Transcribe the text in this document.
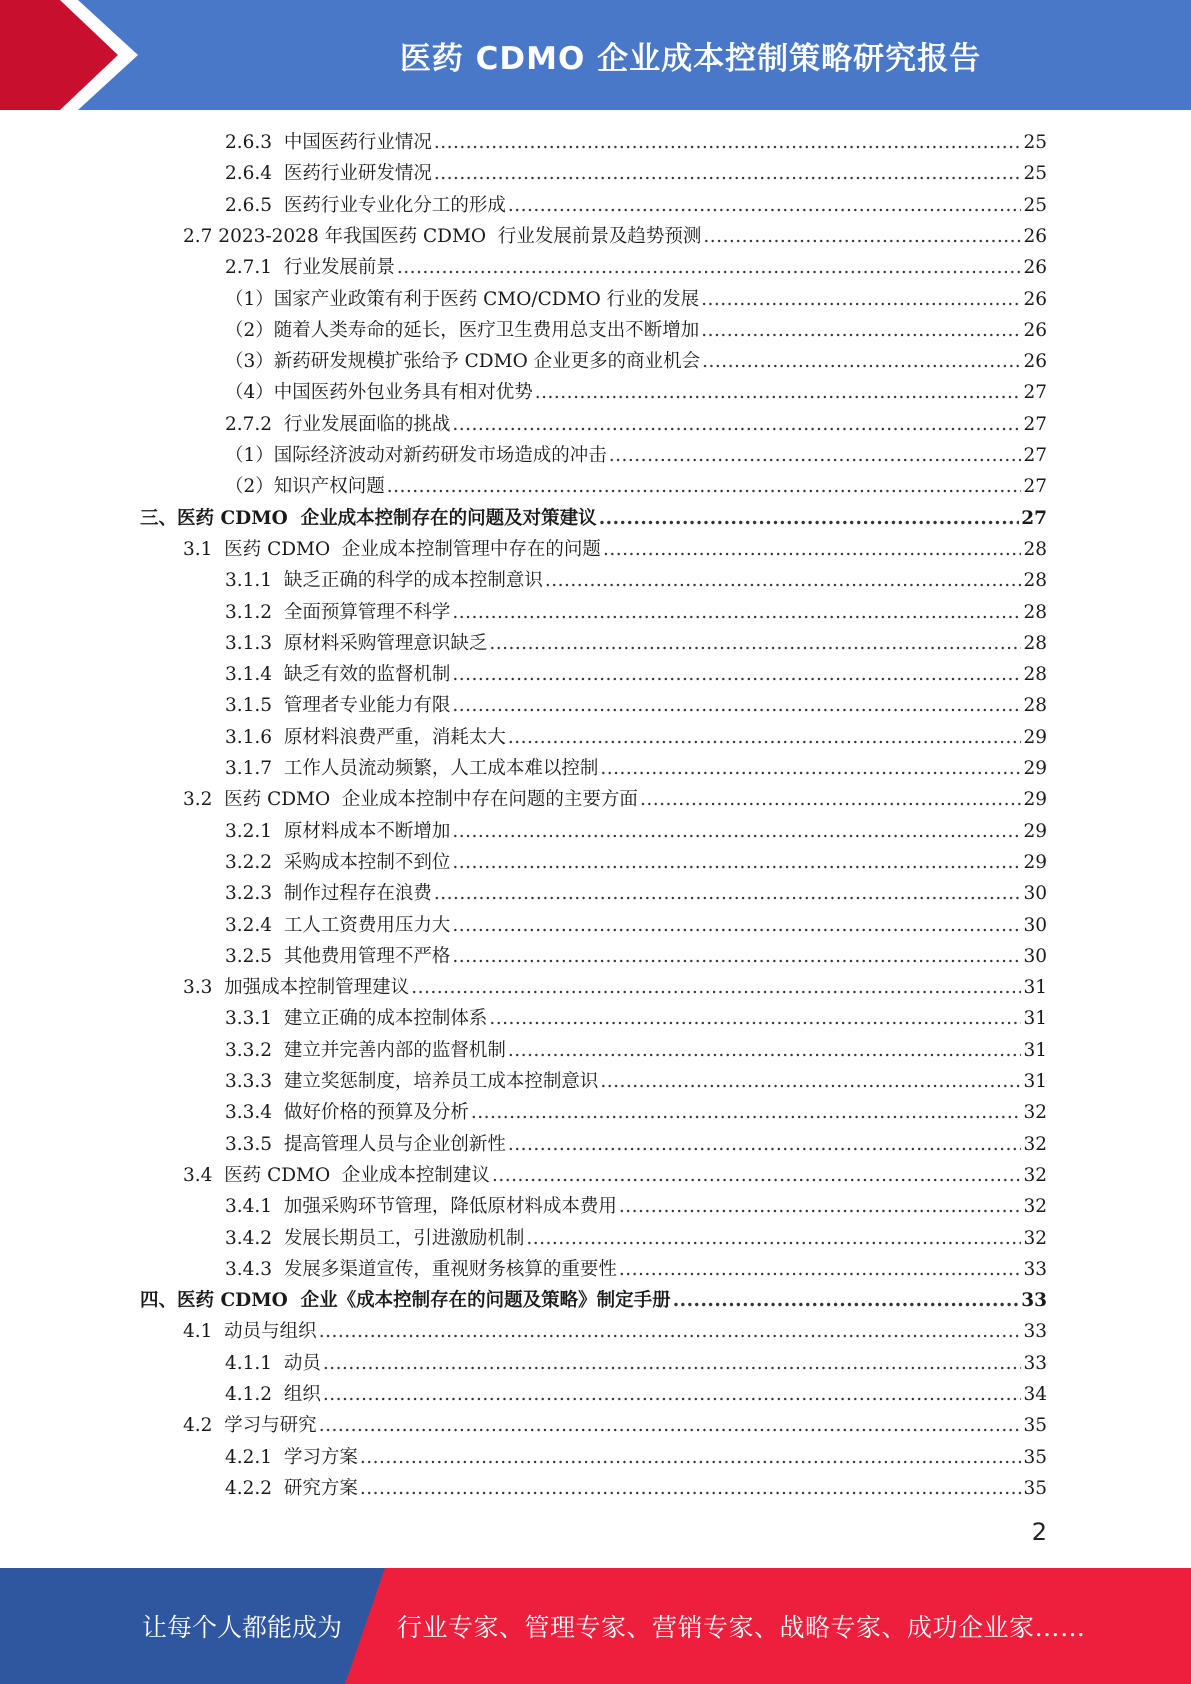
医药 CDMO 企业成本控制策略研究报告
2.6.3  中国医药行业情况 .....	25
2.6.4  医药行业研发情况 .....	25
2.6.5  医药行业专业化分工的形成 .....	25
2.7 2023-2028 年我国医药 CDMO  行业发展前景及趋势预测 .....	26
2.7.1  行业发展前景 .....	26
（1）国家产业政策有利于医药 CMO/CDMO 行业的发展 .....	26
（2）随着人类寿命的延长，医疗卫生费用总支出不断增加 .....	26
（3）新药研发规模扩张给予 CDMO 企业更多的商业机会 .....	26
（4）中国医药外包业务具有相对优势 .....	27
2.7.2  行业发展面临的挑战 .....	27
（1）国际经济波动对新药研发市场造成的冲击 .....	27
（2）知识产权问题 .....	27
三、医药 CDMO  企业成本控制存在的问题及对策建议 .....	27
3.1  医药 CDMO  企业成本控制管理中存在的问题 .....	28
3.1.1  缺乏正确的科学的成本控制意识 .....	28
3.1.2  全面预算管理不科学 .....	28
3.1.3  原材料采购管理意识缺乏 .....	28
3.1.4  缺乏有效的监督机制 .....	28
3.1.5  管理者专业能力有限 .....	28
3.1.6  原材料浪费严重，消耗太大 .....	29
3.1.7  工作人员流动频繁，人工成本难以控制 .....	29
3.2  医药 CDMO  企业成本控制中存在问题的主要方面 .....	29
3.2.1  原材料成本不断增加 .....	29
3.2.2  采购成本控制不到位 .....	29
3.2.3  制作过程存在浪费 .....	30
3.2.4  工人工资费用压力大 .....	30
3.2.5  其他费用管理不严格 .....	30
3.3  加强成本控制管理建议 .....	31
3.3.1  建立正确的成本控制体系 .....	31
3.3.2  建立并完善内部的监督机制 .....	31
3.3.3  建立奖惩制度，培养员工成本控制意识 .....	31
3.3.4  做好价格的预算及分析 .....	32
3.3.5  提高管理人员与企业创新性 .....	32
3.4  医药 CDMO  企业成本控制建议 .....	32
3.4.1  加强采购环节管理，降低原材料成本费用 .....	32
3.4.2  发展长期员工，引进激励机制 .....	32
3.4.3  发展多渠道宣传，重视财务核算的重要性 .....	33
四、医药 CDMO  企业《成本控制存在的问题及策略》制定手册 .....	33
4.1  动员与组织 .....	33
4.1.1  动员 .....	33
4.1.2  组织 .....	34
4.2  学习与研究 .....	35
4.2.1  学习方案 .....	35
4.2.2  研究方案 .....	35
2
让每个人都能成为 行业专家、管理专家、营销专家、战略专家、成功企业家……
